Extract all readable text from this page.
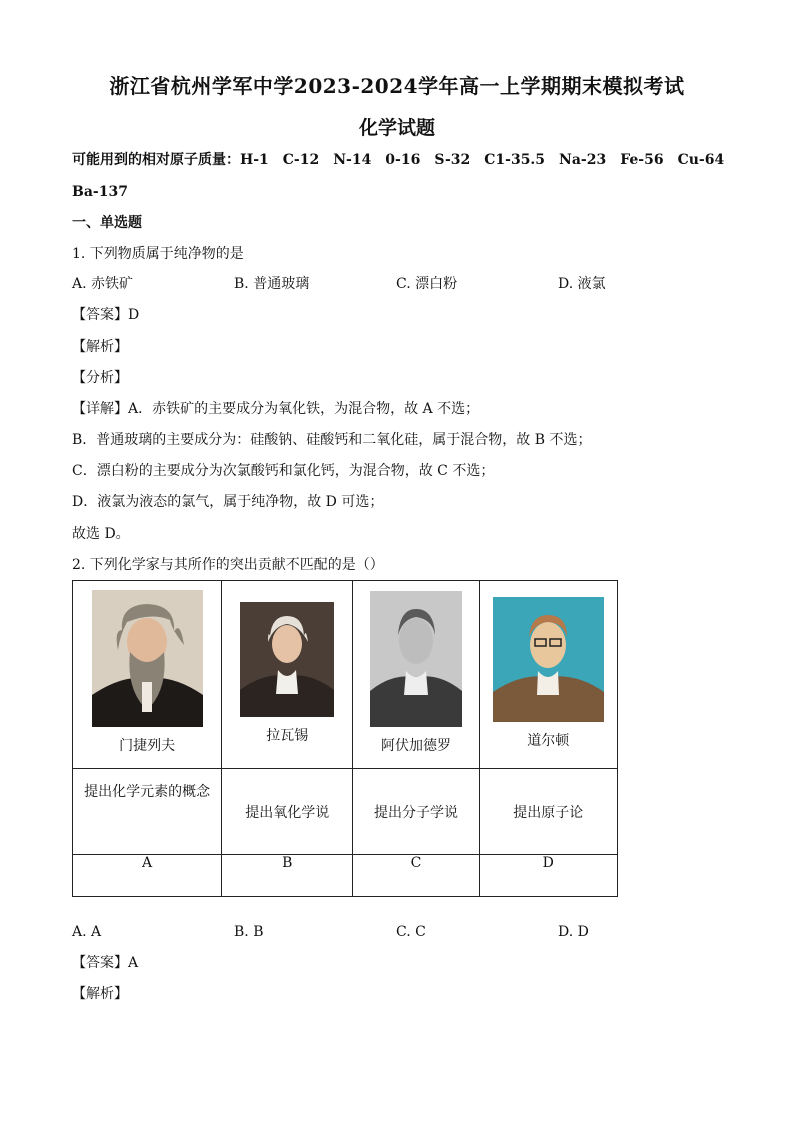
浙江省杭州学军中学2023-2024学年高一上学期期末模拟考试
化学试题
可能用到的相对原子质量：H-1　C-12　N-14　0-16　S-32　C1-35.5　Na-23　Fe-56　Cu-64
Ba-137
一、单选题
1. 下列物质属于纯净物的是
A. 赤铁矿	B. 普通玻璃	C. 漂白粉	D. 液氯
【答案】D
【解析】
【分析】
【详解】A．赤铁矿的主要成分为氧化铁，为混合物，故 A 不选；
B．普通玻璃的主要成分为：硅酸钠、硅酸钙和二氧化硅，属于混合物，故 B 不选；
C．漂白粉的主要成分为次氯酸钙和氯化钙，为混合物，故 C 不选；
D．液氯为液态的氯气，属于纯净物，故 D 可选；
故选 D。
2. 下列化学家与其所作的突出贡献不匹配的是（）
门捷列夫	拉瓦锡	阿伏加德罗	道尔顿

提出化学元素的概念	提出氧化学说	提出分子学说	提出原子论
A	B	C	D
A. A	B. B	C. C	D. D
【答案】A
【解析】
